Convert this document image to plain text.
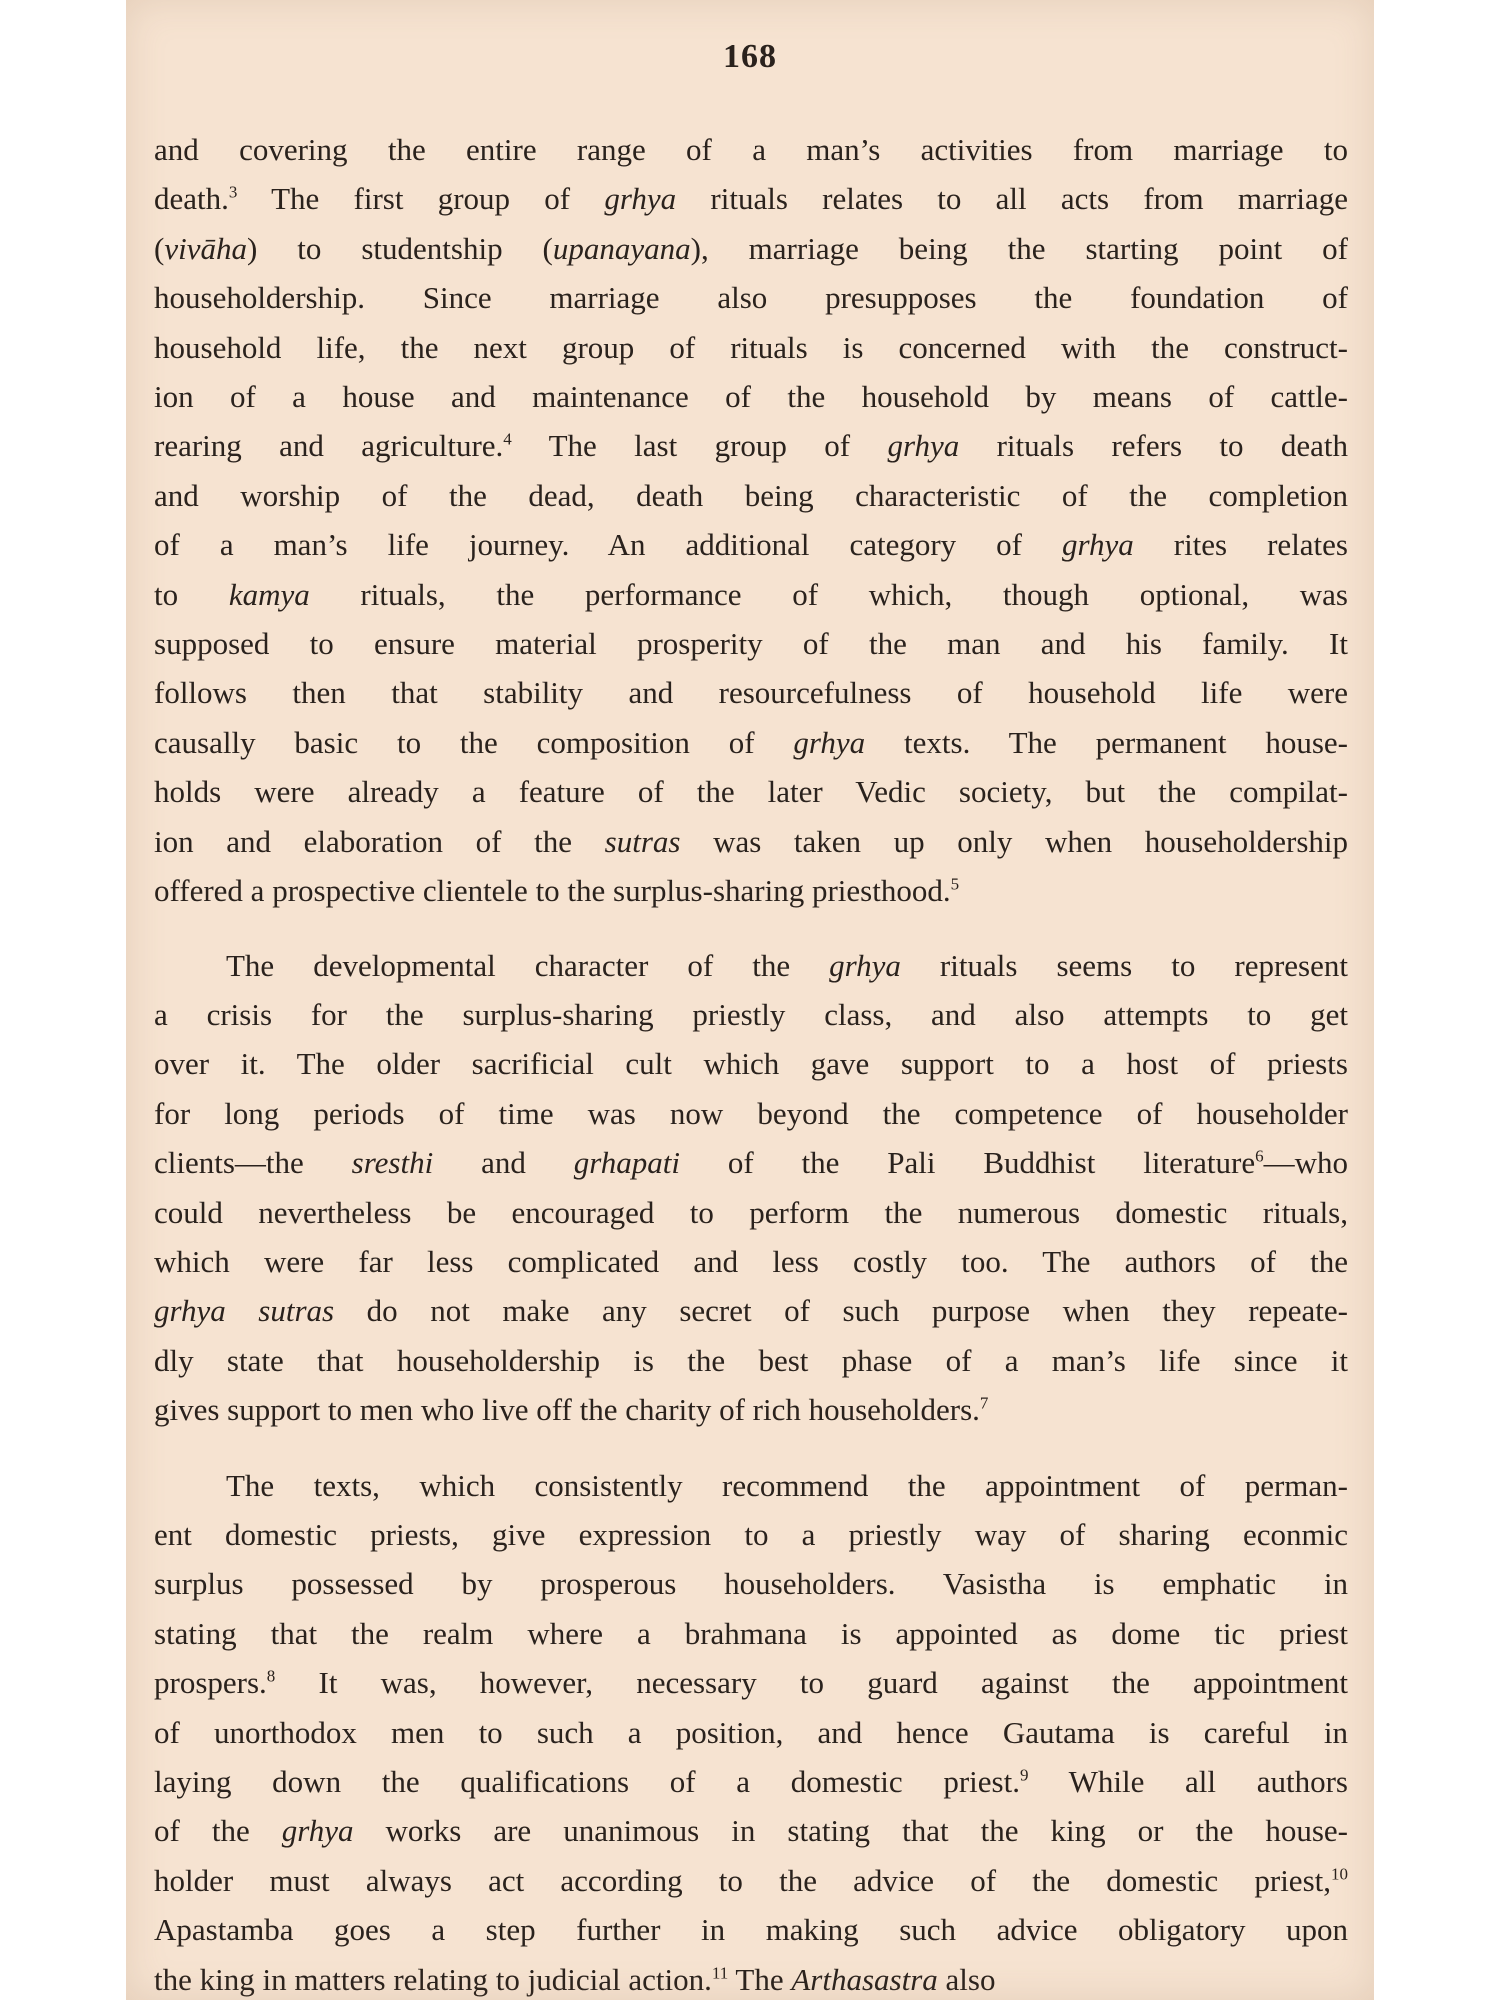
168
and covering the entire range of a man’s activities from marriage to
death.$^3$ The first group of grhya rituals relates to all acts from marriage
(vivāha) to studentship (upanayana), marriage being the starting point of
householdership. Since marriage also presupposes the foundation of
household life, the next group of rituals is concerned with the construct-
ion of a house and maintenance of the household by means of cattle-
rearing and agriculture.$^4$ The last group of grhya rituals refers to death
and worship of the dead, death being characteristic of the completion
of a man’s life journey. An additional category of grhya rites relates
to kamya rituals, the performance of which, though optional, was
supposed to ensure material prosperity of the man and his family. It
follows then that stability and resourcefulness of household life were
causally basic to the composition of grhya texts. The permanent house-
holds were already a feature of the later Vedic society, but the compilat-
ion and elaboration of the sutras was taken up only when householdership
offered a prospective clientele to the surplus-sharing priesthood.$^5$
The developmental character of the grhya rituals seems to represent
a crisis for the surplus-sharing priestly class, and also attempts to get
over it. The older sacrificial cult which gave support to a host of priests
for long periods of time was now beyond the competence of householder
clients—the sresthi and grhapati of the Pali Buddhist literature$^6$—who
could nevertheless be encouraged to perform the numerous domestic rituals,
which were far less complicated and less costly too. The authors of the
grhya sutras do not make any secret of such purpose when they repeate-
dly state that householdership is the best phase of a man’s life since it
gives support to men who live off the charity of rich householders.$^7$
The texts, which consistently recommend the appointment of perman-
ent domestic priests, give expression to a priestly way of sharing econmic
surplus possessed by prosperous householders. Vasistha is emphatic in
stating that the realm where a brahmana is appointed as dome tic priest
prospers.$^8$ It was, however, necessary to guard against the appointment
of unorthodox men to such a position, and hence Gautama is careful in
laying down the qualifications of a domestic priest.$^9$ While all authors
of the grhya works are unanimous in stating that the king or the house-
holder must always act according to the advice of the domestic priest,$^{10}$
Apastamba goes a step further in making such advice obligatory upon
the king in matters relating to judicial action.$^{11}$ The Arthasastra also
